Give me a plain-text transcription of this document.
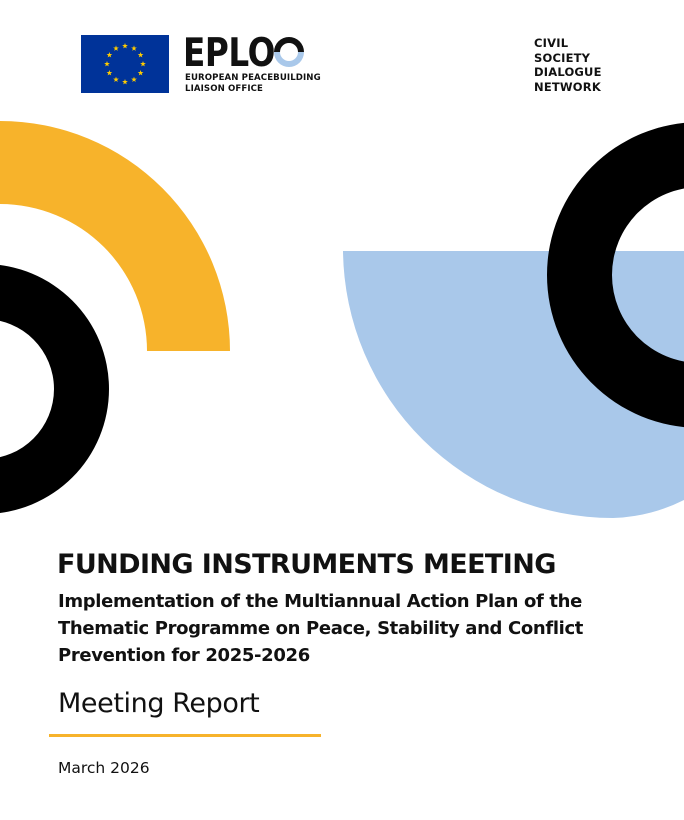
EPLO
EUROPEAN PEACEBUILDING
LIAISON OFFICE
CIVIL
SOCIETY
DIALOGUE
NETWORK
FUNDING INSTRUMENTS MEETING
Implementation of the Multiannual Action Plan of the Thematic Programme on Peace, Stability and Conflict Prevention for 2025-2026
Meeting Report

March 2026
